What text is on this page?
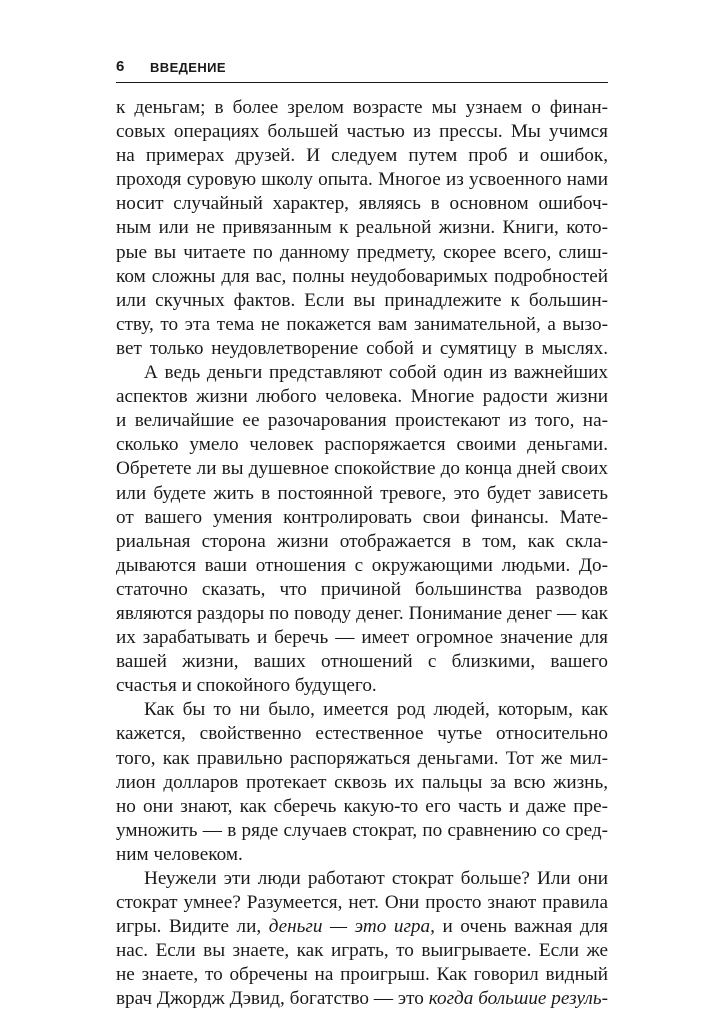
6 ВВЕДЕНИЕ
к деньгам; в более зрелом возрасте мы узнаем о финан-
совых операциях большей частью из прессы. Мы учимся
на примерах друзей. И следуем путем проб и ошибок,
проходя суровую школу опыта. Многое из усвоенного нами
носит случайный характер, являясь в основном ошибоч-
ным или не привязанным к реальной жизни. Книги, кото-
рые вы читаете по данному предмету, скорее всего, слиш-
ком сложны для вас, полны неудобоваримых подробностей
или скучных фактов. Если вы принадлежите к большин-
ству, то эта тема не покажется вам занимательной, а вызо-
вет только неудовлетворение собой и сумятицу в мыслях.
А ведь деньги представляют собой один из важнейших
аспектов жизни любого человека. Многие радости жизни
и величайшие ее разочарования проистекают из того, на-
сколько умело человек распоряжается своими деньгами.
Обретете ли вы душевное спокойствие до конца дней своих
или будете жить в постоянной тревоге, это будет зависеть
от вашего умения контролировать свои финансы. Мате-
риальная сторона жизни отображается в том, как скла-
дываются ваши отношения с окружающими людьми. До-
статочно сказать, что причиной большинства разводов
являются раздоры по поводу денег. Понимание денег — как
их зарабатывать и беречь — имеет огромное значение для
вашей жизни, ваших отношений с близкими, вашего
счастья и спокойного будущего.
Как бы то ни было, имеется род людей, которым, как
кажется, свойственно естественное чутье относительно
того, как правильно распоряжаться деньгами. Тот же мил-
лион долларов протекает сквозь их пальцы за всю жизнь,
но они знают, как сберечь какую-то его часть и даже пре-
умножить — в ряде случаев стократ, по сравнению со сред-
ним человеком.
Неужели эти люди работают стократ больше? Или они
стократ умнее? Разумеется, нет. Они просто знают правила
игры. Видите ли, деньги — это игра, и очень важная для
нас. Если вы знаете, как играть, то выигрываете. Если же
не знаете, то обречены на проигрыш. Как говорил видный
врач Джордж Дэвид, богатство — это когда большие резуль-
